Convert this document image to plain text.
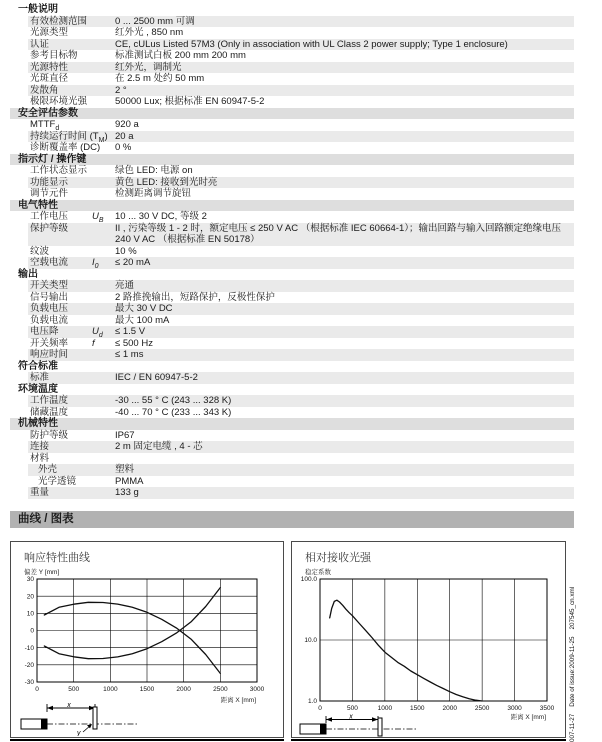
一般说明
有效检测范围	0 ... 2500 mm 可调
光源类型	红外光 , 850 nm
认证	CE, cULus Listed 57M3 (Only in association with UL Class 2 power supply; Type 1 enclosure)
参考目标物	标准测试白板 200 mm 200 mm
光源特性	红外光，调制光
光斑直径	在 2.5 m 处约 50 mm
发散角	2 °
极限环境光强	50000 Lux; 根据标准 EN 60947-5-2
安全评估参数
$MTTF_d$	920 a
持续运行时间 $(T_M)$ 20 a
诊断覆盖率 (DC) 0 %
指示灯 / 操作键
工作状态显示	绿色 LED: 电源 on
功能显示	黄色 LED: 接收到光时亮
调节元件	检测距离调节旋钮
电气特性
工作电压	$U_B$	10 ... 30 V DC, 等级 2
保护等级	II , 污染等级 1 - 2 时，额定电压 ≤ 250 V AC （根据标准 IEC 60664-1）；输出回路与输入回路额定绝缘电压 240 V AC （根据标准 EN 50178）
纹波	10 %
空载电流	$I_0$	≤ 20 mA
输出
开关类型	亮通
信号输出	2 路推挽输出，短路保护，反极性保护
负载电压	最大 30 V DC
负载电流	最大 100 mA
电压降	$U_d$	≤ 1.5 V
开关频率	f	≤ 500 Hz
响应时间	≤ 1 ms
符合标准
标准	IEC / EN 60947-5-2
环境温度
工作温度	-30 ... 55 ° C (243 ... 328 K)
储藏温度	-40 ... 70 ° C (233 ... 343 K)
机械特性
防护等级	IP67
连接	2 m 固定电缆 , 4 - 芯
材料
外壳	塑料
光学透镜	PMMA
重量	133 g
曲线 / 图表
响应特性曲线
偏差 Y [mm]
0	500	1000	1500	2000	2500	3000
30
20
10
0
-10
-20
-30
距离 X [mm]
x
y
相对接收光强
稳定系数
0	500	1000	1500	2000	2500	3000	3500
100.0
10.0
1.0
距离 X [mm]
x	007-11-27    Date of issue:2009-11-25    207545_cn.xml
